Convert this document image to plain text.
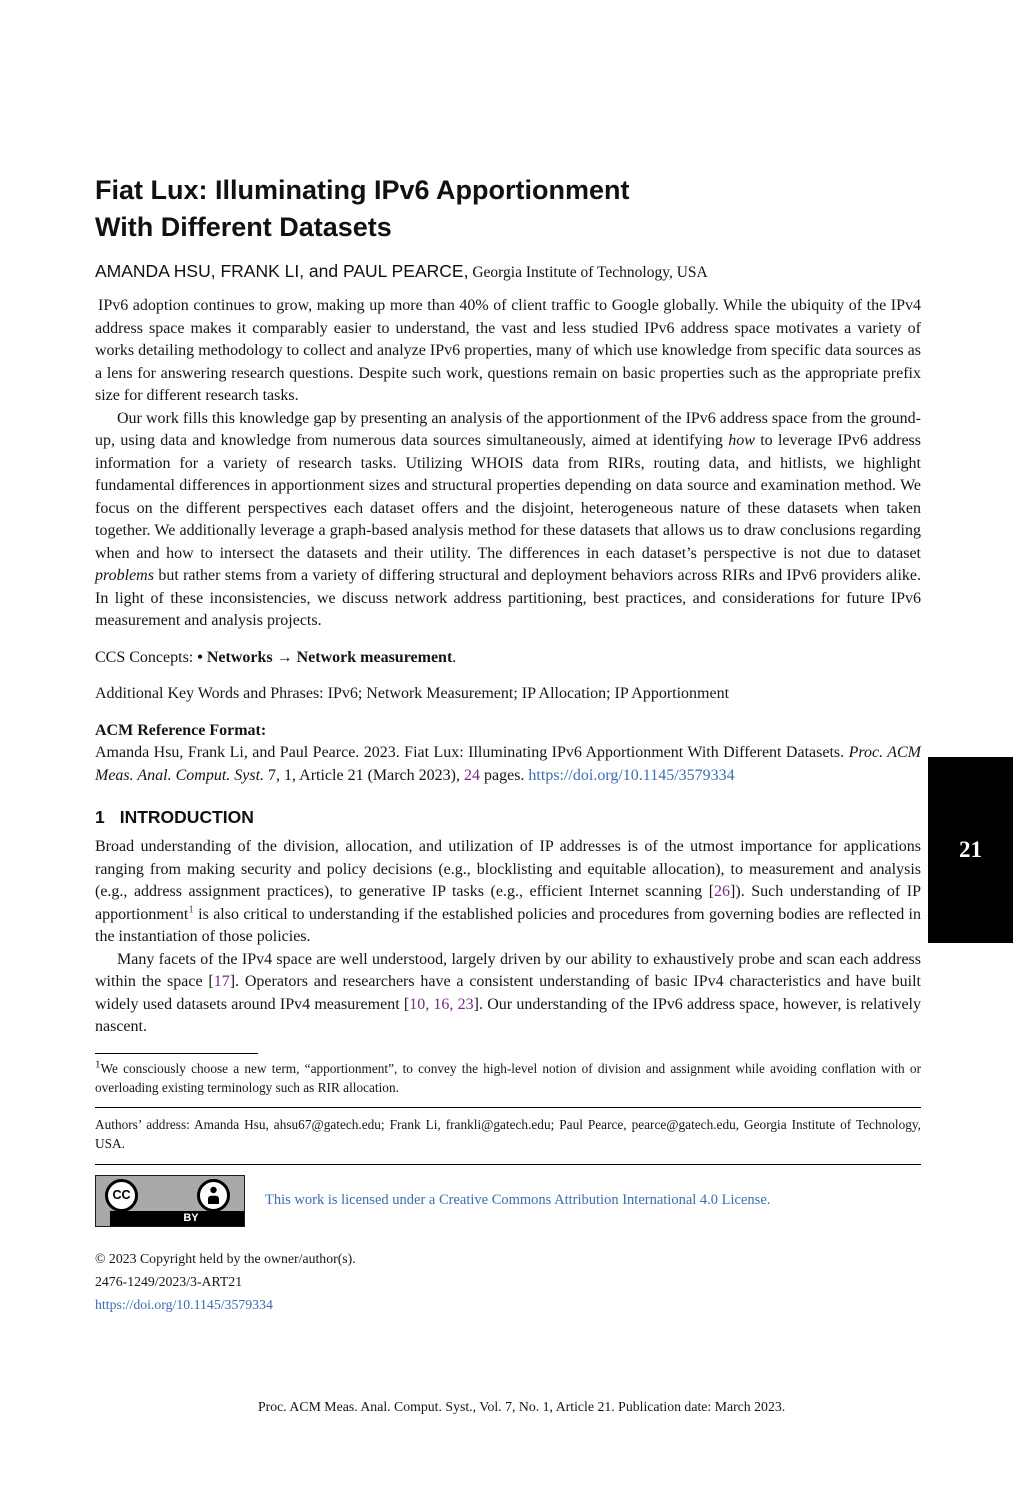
Fiat Lux: Illuminating IPv6 Apportionment
With Different Datasets
AMANDA HSU, FRANK LI, and PAUL PEARCE, Georgia Institute of Technology, USA

IPv6 adoption continues to grow, making up more than 40% of client traffic to Google globally. While the ubiquity of the IPv4 address space makes it comparably easier to understand, the vast and less studied IPv6 address space motivates a variety of works detailing methodology to collect and analyze IPv6 properties, many of which use knowledge from specific data sources as a lens for answering research questions. Despite such work, questions remain on basic properties such as the appropriate prefix size for different research tasks.

Our work fills this knowledge gap by presenting an analysis of the apportionment of the IPv6 address space from the ground-up, using data and knowledge from numerous data sources simultaneously, aimed at identifying how to leverage IPv6 address information for a variety of research tasks. Utilizing WHOIS data from RIRs, routing data, and hitlists, we highlight fundamental differences in apportionment sizes and structural properties depending on data source and examination method. We focus on the different perspectives each dataset offers and the disjoint, heterogeneous nature of these datasets when taken together. We additionally leverage a graph-based analysis method for these datasets that allows us to draw conclusions regarding when and how to intersect the datasets and their utility. The differences in each dataset’s perspective is not due to dataset problems but rather stems from a variety of differing structural and deployment behaviors across RIRs and IPv6 providers alike. In light of these inconsistencies, we discuss network address partitioning, best practices, and considerations for future IPv6 measurement and analysis projects.

CCS Concepts: • Networks → Network measurement.
Additional Key Words and Phrases: IPv6; Network Measurement; IP Allocation; IP Apportionment
ACM Reference Format:

Amanda Hsu, Frank Li, and Paul Pearce. 2023. Fiat Lux: Illuminating IPv6 Apportionment With Different Datasets. Proc. ACM Meas. Anal. Comput. Syst. 7, 1, Article 21 (March 2023), 24 pages. https://doi.org/10.1145/3579334

1 INTRODUCTION

Broad understanding of the division, allocation, and utilization of IP addresses is of the utmost importance for applications ranging from making security and policy decisions (e.g., blocklisting and equitable allocation), to measurement and analysis (e.g., address assignment practices), to generative IP tasks (e.g., efficient Internet scanning [26]). Such understanding of IP apportionment$^1$ is also critical to understanding if the established policies and procedures from governing bodies are reflected in the instantiation of those policies.

Many facets of the IPv4 space are well understood, largely driven by our ability to exhaustively probe and scan each address within the space [17]. Operators and researchers have a consistent understanding of basic IPv4 characteristics and have built widely used datasets around IPv4 measurement [10, 16, 23]. Our understanding of the IPv6 address space, however, is relatively nascent.

$^1$We consciously choose a new term, “apportionment”, to convey the high-level notion of division and assignment while avoiding conflation with or overloading existing terminology such as RIR allocation.
Authors’ address: Amanda Hsu, ahsu67@gatech.edu; Frank Li, frankli@gatech.edu; Paul Pearce, pearce@gatech.edu, Georgia Institute of Technology, USA.
CC
BY
This work is licensed under a Creative Commons Attribution International 4.0 License.
© 2023 Copyright held by the owner/author(s).
2476-1249/2023/3-ART21
https://doi.org/10.1145/3579334
Proc. ACM Meas. Anal. Comput. Syst., Vol. 7, No. 1, Article 21. Publication date: March 2023.
21
